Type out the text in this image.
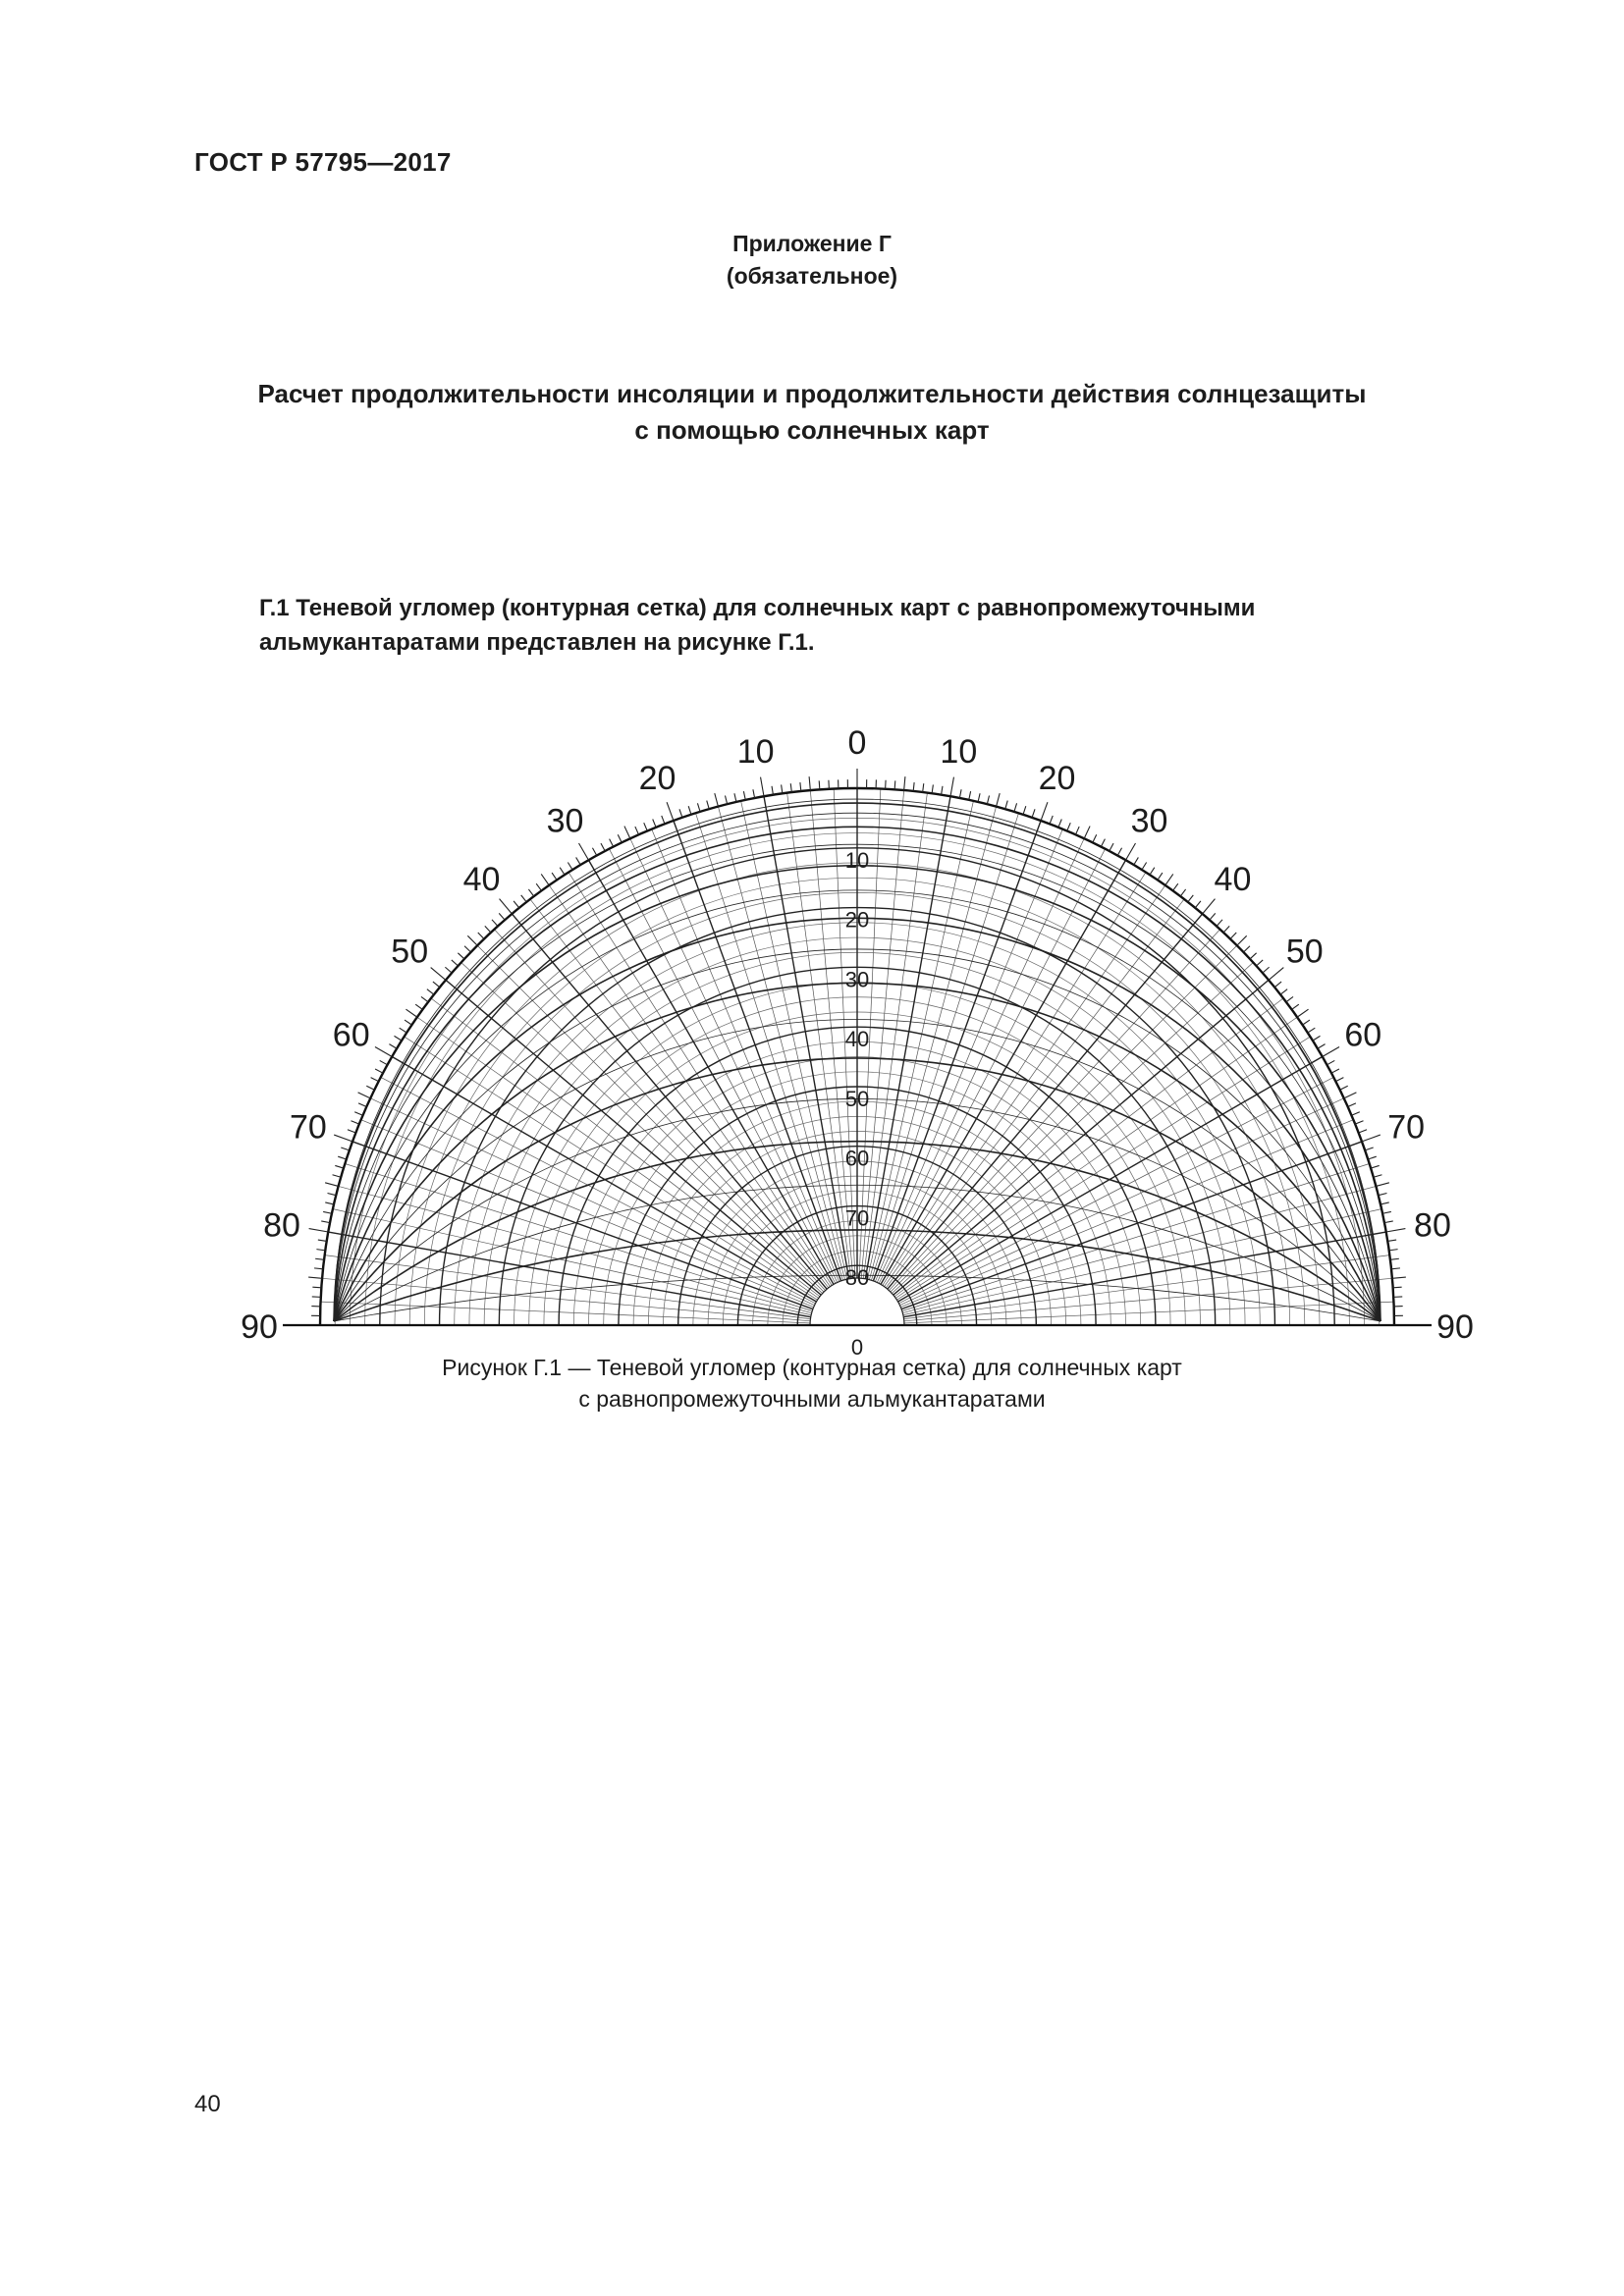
ГОСТ Р 57795—2017
Приложение Г
(обязательное)
Расчет продолжительности инсоляции и продолжительности действия солнцезащиты
с помощью солнечных карт
Г.1 Теневой угломер (контурная сетка) для солнечных карт с равнопромежуточными
альмукантаратами представлен на рисунке Г.1.
0
10
20
30
40
50
60
70
80
90
10
20
30
40
50
60
70
80
90
10
20
30
40
50
60
70
80
0
Рисунок Г.1 — Теневой угломер (контурная сетка) для солнечных карт
с равнопромежуточными альмукантаратами
40
